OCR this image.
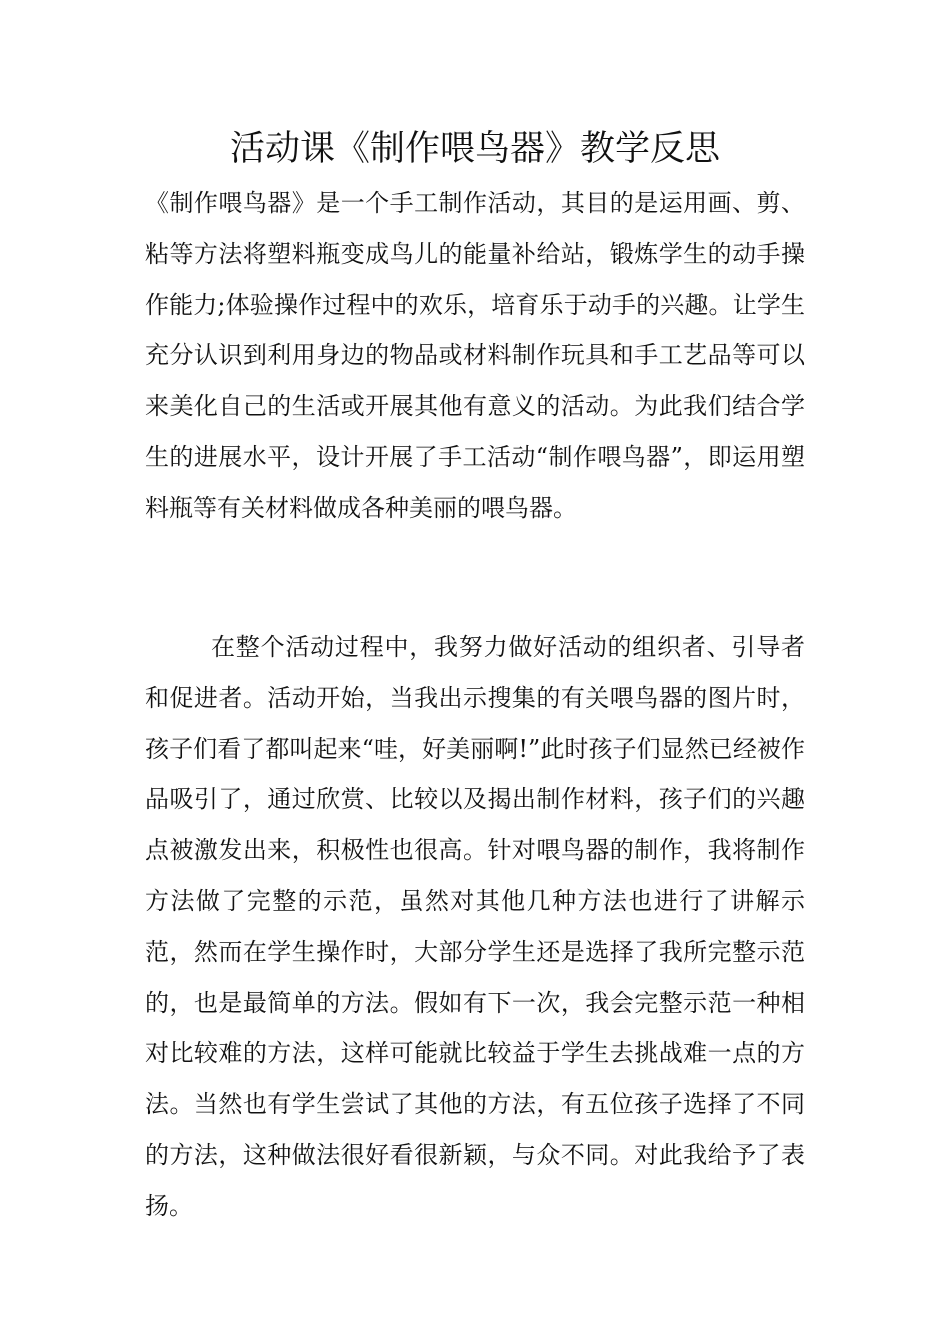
活动课《制作喂鸟器》教学反思

《制作喂鸟器》是一个手工制作活动，其目的是运用画、剪、粘等方法将塑料瓶变成鸟儿的能量补给站，锻炼学生的动手操作能力;体验操作过程中的欢乐，培育乐于动手的兴趣。让学生充分认识到利用身边的物品或材料制作玩具和手工艺品等可以来美化自己的生活或开展其他有意义的活动。为此我们结合学生的进展水平，设计开展了手工活动“制作喂鸟器”，即运用塑料瓶等有关材料做成各种美丽的喂鸟器。

在整个活动过程中，我努力做好活动的组织者、引导者和促进者。活动开始，当我出示搜集的有关喂鸟器的图片时，孩子们看了都叫起来“哇，好美丽啊!”此时孩子们显然已经被作品吸引了，通过欣赏、比较以及揭出制作材料，孩子们的兴趣点被激发出来，积极性也很高。针对喂鸟器的制作，我将制作方法做了完整的示范，虽然对其他几种方法也进行了讲解示范，然而在学生操作时，大部分学生还是选择了我所完整示范的，也是最简单的方法。假如有下一次，我会完整示范一种相对比较难的方法，这样可能就比较益于学生去挑战难一点的方法。当然也有学生尝试了其他的方法，有五位孩子选择了不同的方法，这种做法很好看很新颖，与众不同。对此我给予了表扬。
